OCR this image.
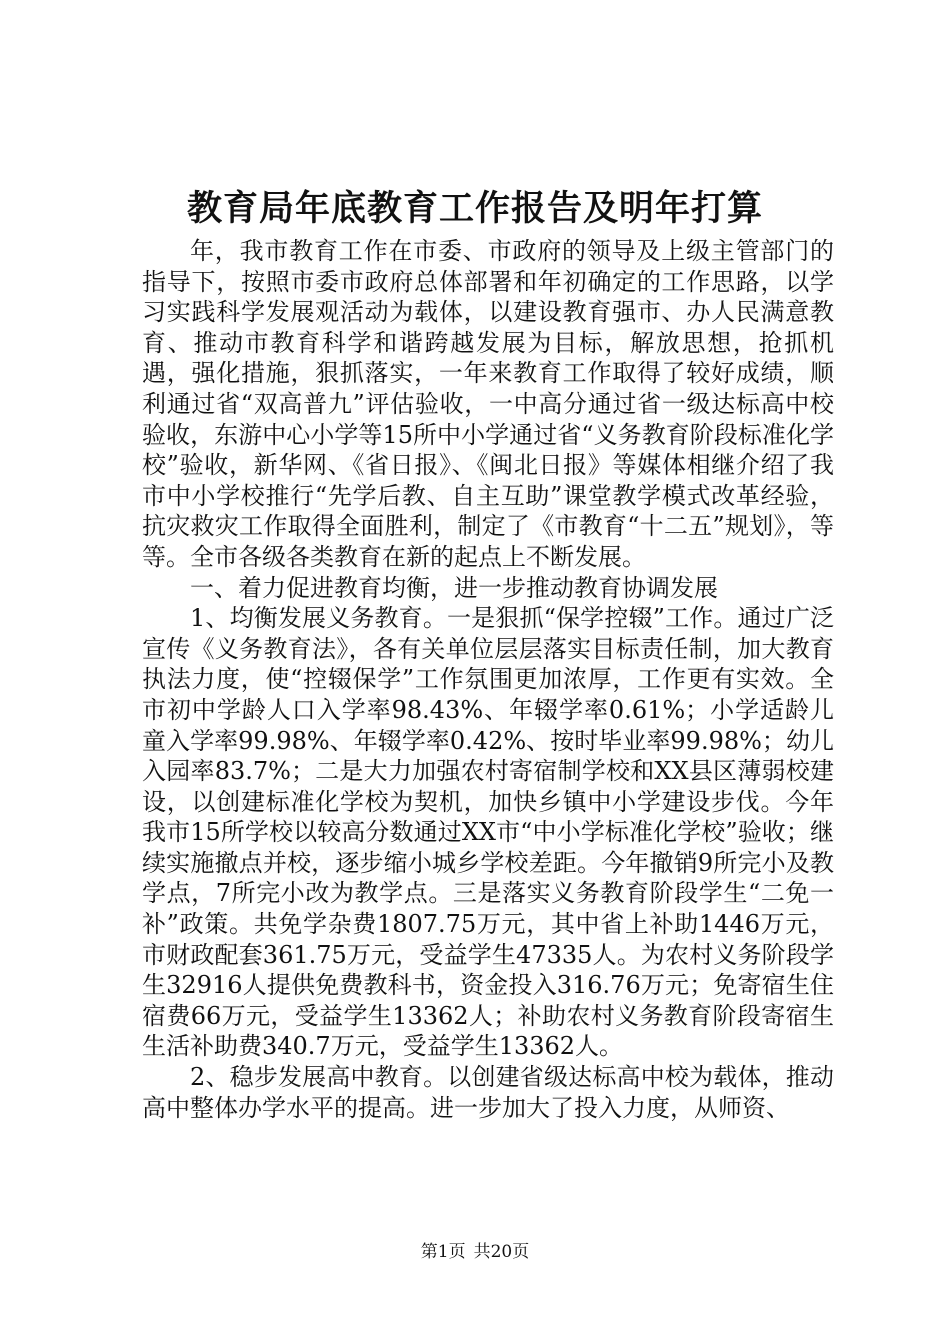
教育局年底教育工作报告及明年打算

年，我市教育工作在市委、市政府的领导及上级主管部门的指导下，按照市委市政府总体部署和年初确定的工作思路，以学习实践科学发展观活动为载体，以建设教育强市、办人民满意教育、推动市教育科学和谐跨越发展为目标，解放思想，抢抓机遇，强化措施，狠抓落实，一年来教育工作取得了较好成绩，顺利通过省“双高普九”评估验收，一中高分通过省一级达标高中校验收，东游中心小学等15所中小学通过省“义务教育阶段标准化学校”验收，新华网、《省日报》、《闽北日报》等媒体相继介绍了我市中小学校推行“先学后教、自主互助”课堂教学模式改革经验，抗灾救灾工作取得全面胜利，制定了《市教育“十二五”规划》，等等。全市各级各类教育在新的起点上不断发展。

一、着力促进教育均衡，进一步推动教育协调发展

1、均衡发展义务教育。一是狠抓“保学控辍”工作。通过广泛宣传《义务教育法》，各有关单位层层落实目标责任制，加大教育执法力度，使“控辍保学”工作氛围更加浓厚，工作更有实效。全市初中学龄人口入学率98.43%、年辍学率0.61%；小学适龄儿童入学率99.98%、年辍学率0.42%、按时毕业率99.98%；幼儿入园率83.7%；二是大力加强农村寄宿制学校和XX县区薄弱校建设，以创建标准化学校为契机，加快乡镇中小学建设步伐。今年我市15所学校以较高分数通过XX市“中小学标准化学校”验收；继续实施撤点并校，逐步缩小城乡学校差距。今年撤销9所完小及教学点，7所完小改为教学点。三是落实义务教育阶段学生“二免一补”政策。共免学杂费1807.75万元，其中省上补助1446万元，市财政配套361.75万元，受益学生47335人。为农村义务阶段学生32916人提供免费教科书，资金投入316.76万元；免寄宿生住宿费66万元，受益学生13362人；补助农村义务教育阶段寄宿生生活补助费340.7万元，受益学生13362人。

2、稳步发展高中教育。以创建省级达标高中校为载体，推动高中整体办学水平的提高。进一步加大了投入力度，从师资、

第1页 共20页
